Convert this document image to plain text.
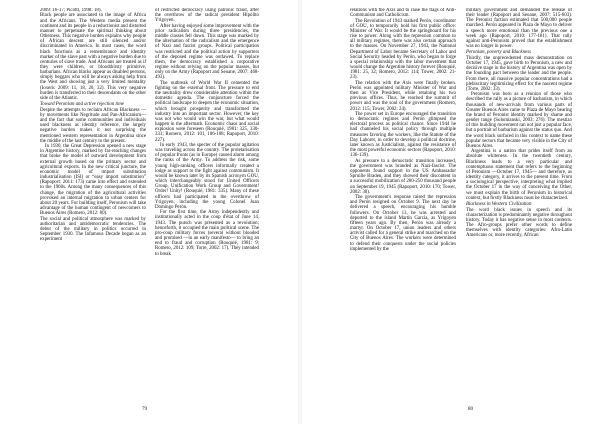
2009: 16-17; Picotti, 1998: 18).

Black people are associated to the image of Africa and the Africans. The Western media present the continent and its people in a reductionist and distorted manner to perpetuate the spiritual thinking about Otherness. This negative burden explains why people of African descent are still silenced and/or discriminated in America. In most cases, the word black functions as a remembrance and identity marker of the slave past with a negative burden due to centuries of slave trade. And Africans are treated as if they were children, or bloodthirsty primitive, barbarians. African blacks appear as disabled persons, simply beggars who will be always asking help from the West and showing just a very limited mentality (Ioxeric 2009: 11, 18, 20, 32). This very negative burden is transferred to their descendants on the other side of the Atlantic.

Toward Peronism and active rejection time

Despite the attempts to reclaim African Blackness —by movements like Negritude and Pan-Africanism— and the fact that some communities and individuals used blackness as identity reference, the largely negative burden makes it not surprising the mentioned western representation in Argentina since the middle of the last century to the present.

In 1930, the Great Depression opened a new stage in Argentine history, marked by far-reaching changes that broke the model of outward development from external growth based on the primary sector and agricultural exports. In the new critical juncture, the economic model of import substitution industrialisation (ISI) or “easy import substitution” (Rapoport: 2011: 173) came into effect and extended to the 1960s. Among the many consequences of this change, the migration of the agricultural activities provoked an internal migration to urban centers for about 20 years. For building itself, Peronism will take advantage of the human contingent of newcomers to Buenos Aires (Romero, 2012: 80).

The social and political atmosphere was marked by authoritarian and antidemocratic tendencies. The debut of the military in politics occurred in September 1930. The Infamous Decade began as an experiment

of restricted democracy using patronic fraud, after the overthrow of the radical president Hipólito Yrigoyen.

After having enjoyed some improvement with the prior radicalism during three presidencies, the middle classes fell down. This stage was marked by the alternation of the radicalism and the emergence of Nazi and fascist groups. Political participation was restricted and the political action by supporters of the deposed regime was outlawed. To replace them, the democracy established a corporative regime without relying on the popular masses, but only on the Army (Rapoport and Seoane, 2007: 468-493).

The outbreak of World War II cemented the fighting on the external front. The pressure to end the neutrality drew considerable attention within the domestic agenda. The conjuncture forced the political landscape to deepen the economic situation, which brought prosperity and transformed the industry into an important sector. However, the key was not who would win the war, but what would happen in the aftermath. Economic chaos and social explosion were foreseen (Rouquié, 1981: 325, 330-331; Romero, 2012: 101, 106-108; Rapoport, 2010: 227).

In early 1943, the specter of the popular agitation was traveling across the country. The proletarisation of popular fronts (as in Europe) caused alarm among the ranks of the Army. To address the risk, some young high-ranking officers informally created a lodge as support to the fight against communism. It would be known later by its Spanish acronym GOU, which interchangeably stood for United Officers Group, Unification Work Group and Government! Order! Unity! (Rouquié, 1981: 335). Many of these officers had participated in the overthrow of Yrigoyen, including the young Colonel Juan Domingo Perón.

For the first time, the Army independently and institutionally acted in the coup d'état of June 14, 1943. The putsch was presented as a revolution; henceforth, it occupied the main political scene. The pro-coup military forces (several without blooded and promised —in an early manifesto— to bring an end to fraud and corruption (Rouquié, 1981: 9; Romero, 2012: 109; Torre, 2002: 17). They intended to break

79

relations with the Axis and to raise the flags of Anti-Communism and Catholicism.

The Revolution of 1943 marked Perón, coordinator of GOU, to temporarily hold his first public office: Minister of War. It would be the springboard for his rise to power. Along with the repression common to all military regimes, there was also certain approach to the masses. On November 27, 1943, the National Department of Labor became Secretary of Labor and Social Security headed by Perón, who began to forge a special relationship with the labor movement that would change the Argentine history forever (Rouquié, 1981: 25, 32; Romero, 2012: 114; Tower, 2002: 21-23).

The relation with the Axis were finally broken. Perón was appointed military Minister of War and then as Vice President, while retaining his two previous offices. Thus, he reached the summit of power and was the soul of the government (Romero, 2012: 115; Tower, 2002: 24).

The power set in Europe encouraged the transition to democratic regimes and Perón glimpsed the electoral process as political chance. Since 1944 he had channeled his social policy through multiple measures favoring the workers, like the Statute of the Day Laborer, in order to develop a political doctrine, later known as Justicialism, against the resistance of the most powerful economic sectors (Rapoport, 2010: 136-139).

As pressure to a democratic transition increased, the government was branded as Nazi-fascist. The opponents found support in the US Ambassador Spruille Braden, and they showed their discontent in a successful mobilization of 200-250 thousand people on September 19, 1945 (Rapoport, 2010: 170; Tower, 2002: 30).

The government's response raised the repression and Perón resigned on October 9. The next day he delivered a speech, encouraging his humble followers. On October 13, he was arrested and deported to the island Martín García, as Yrigoyen fifteen years ago. By then, Perón was already a martyr. On October 17, union leaders and others activist called for a general strike and marched on the City of Buenos Aires. The workers were determined to defend their conquests under the social policies implemented by the

military government and demanded the release of their leader (Rapoport and Seoane, 2007: 515-603). The Peronist faction estimated that 500,000 people marched. Perón appeared in Plaza de Mayo to deliver a speech more emotional than the previous one a week ago (Rapoport, 2010: 177-181). That rally against anti-Peronism proved that the establishment was no longer in power.

Peronism, poverty and Blackness

Thirdly, the unprecedented mass demonstration on October 17, 1945, gave birth to Peronism, a new and decisive stage in the history of Argentina was open by the founding pact between the leader and the people. From there, all massive popular concentrations had a plebiscitary legitimizing effect for the nascent regime (Torre, 2002: 33).

Peronism was born as a reunion of those who described the rally as a picture of barbarism, in which thousands of new-arrivals from various parts of Greater Buenos Aires came to Plaza de Mayo bearing the brand of Peronist identity marked by shame and gender range (Solomianski, 2003: 276). The mestizo of this building movement ran not just a popular face, but a portrait of barbarism against the status quo. And the word black surfaced in this context to name these popular sectors that became very visible in the City of Buenos Aires.

Argentina is a nation that prides itself from an absolute whiteness. In the twentieth century, Blackness leads to a very particular and contemptuous statement that refers to the beginning of Peronism —October 17, 1945— and therefore, as identity category, it arrives to the present time. From a sociological perspective, interpreting what implied the October 17 in the way of conceiving the Other, we must explain the birth of Peronism in historical context, but firstly Blackness must be characterized.

Blackness in Western Civilization

The word black issues in speech and its characterization is predominantly negative throughout history. Today it has negative sense in most contexts. The Afro-groups prefer other words to define themselves with identity categories: Afro-Latin Americans or, more recently, African

80
